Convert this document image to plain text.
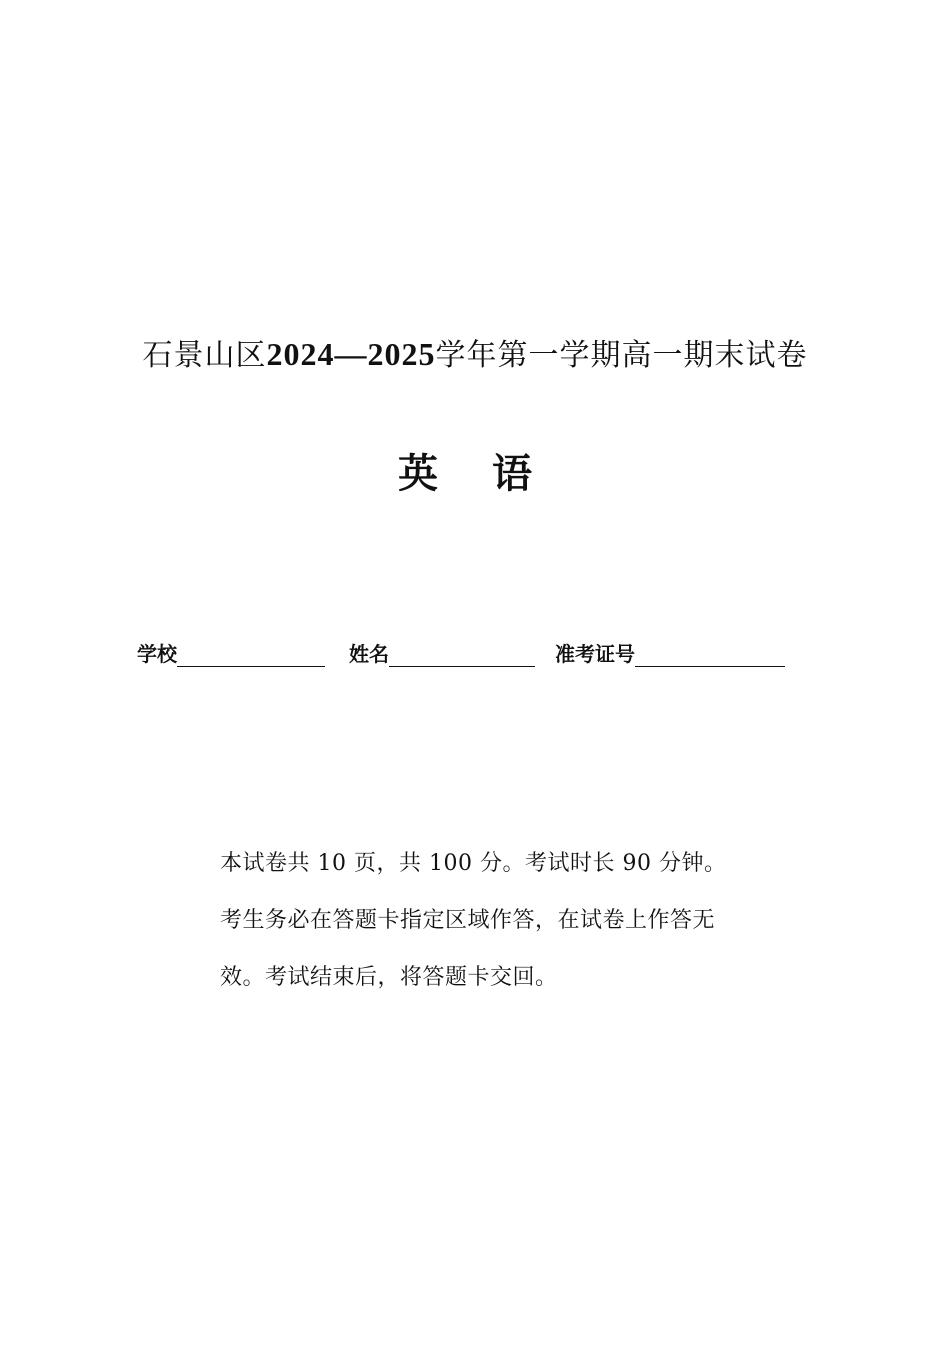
石景山区2024—2025学年第一学期高一期末试卷
英 语
学校	姓名	准考证号

本试卷共 10 页，共 100 分。考试时长 90 分钟。

考生务必在答题卡指定区域作答，在试卷上作答无

效。考试结束后，将答题卡交回。
